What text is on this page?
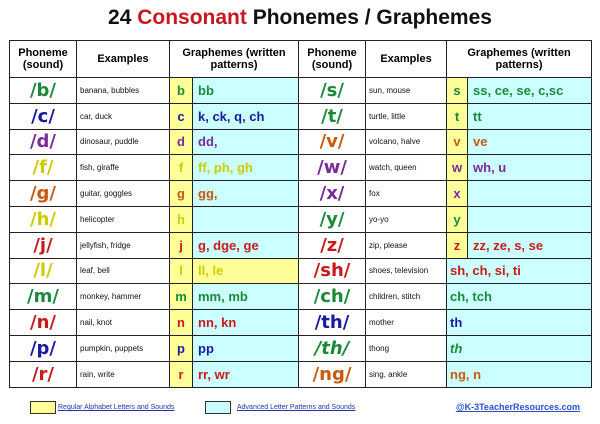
24 Consonant Phonemes / Graphemes
Phoneme (sound)	Examples	Graphemes (written patterns)		Phoneme (sound)	Examples	Graphemes (written patterns)	
/b/	banana, bubbles	b	bb	/s/	sun, mouse	s	ss, ce, se, c,sc
/c/	car, duck	c	k, ck, q, ch	/t/	turtle, little	t	tt
/d/	dinosaur, puddle	d	dd,	/v/	volcano, halve	v	ve
/f/	fish, giraffe	f	ff, ph, gh	/w/	watch, queen	w	wh, u
/g/	guitar, goggles	g	gg,	/x/	fox	x	
/h/	helicopter	h		/y/	yo-yo	y	
/j/	jellyfish, fridge	j	g, dge, ge	/z/	zip, please	z	zz, ze, s, se
/l/	leaf, bell	l	ll, le	/sh/	shoes, television	sh, ch, si, ti	
/m/	monkey, hammer	m	mm, mb	/ch/	children, stitch	ch, tch	
/n/	nail, knot	n	nn, kn	/th/	mother	th	
/p/	pumpkin, puppets	p	pp	/th/	thong	th	
/r/	rain, write	r	rr, wr	/ng/	sing, ankle	ng, n	
Regular Alphabet Letters and Sounds	Advanced Letter Patterns and Sounds	@K-3TeacherResources.com
